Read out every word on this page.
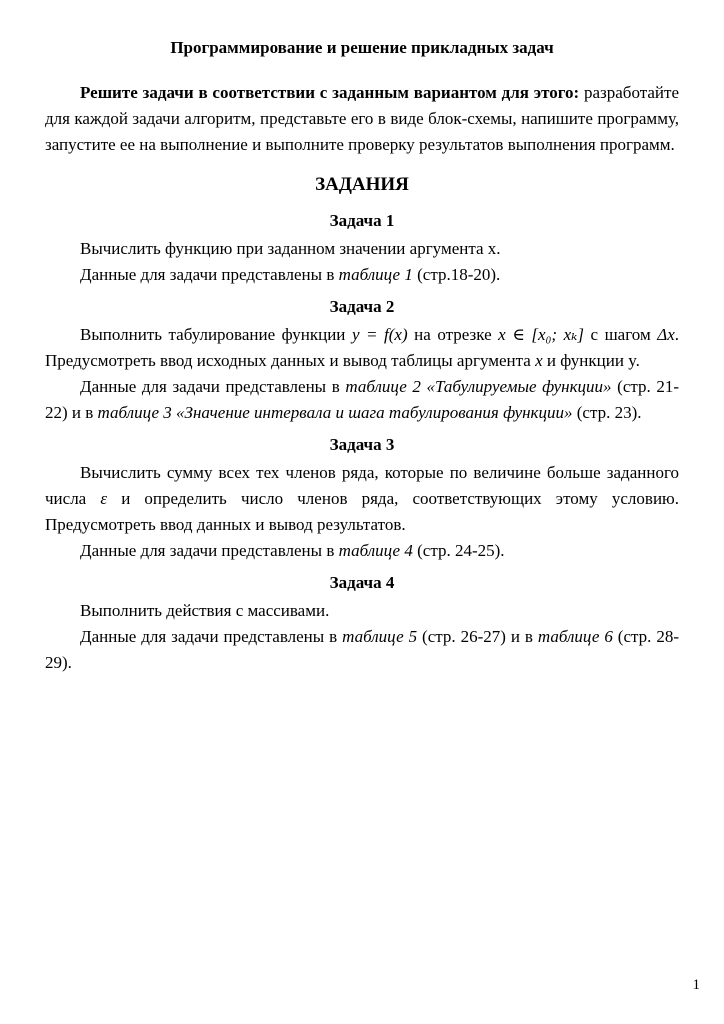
Программирование и решение прикладных задач

Решите задачи в соответствии с заданным вариантом для этого: разработайте для каждой задачи алгоритм, представьте его в виде блок-схемы, напишите программу, запустите ее на выполнение и выполните проверку результатов выполнения программ.

ЗАДАНИЯ
Задача 1

Вычислить функцию при заданном значении аргумента x.

Данные для задачи представлены в таблице 1 (стр.18-20).

Задача 2

Выполнить табулирование функции y = f(x) на отрезке x ∈ [x₀; xₖ] с шагом Δx. Предусмотреть ввод исходных данных и вывод таблицы аргумента x и функции y.

Данные для задачи представлены в таблице 2 «Табулируемые функции» (стр. 21-22) и в таблице 3 «Значение интервала и шага табулирования функции» (стр. 23).

Задача 3

Вычислить сумму всех тех членов ряда, которые по величине больше заданного числа ε и определить число членов ряда, соответствующих этому условию. Предусмотреть ввод данных и вывод результатов.

Данные для задачи представлены в таблице 4 (стр. 24-25).

Задача 4

Выполнить действия с массивами.

Данные для задачи представлены в таблице 5 (стр. 26-27) и в таблице 6 (стр. 28-29).

1
